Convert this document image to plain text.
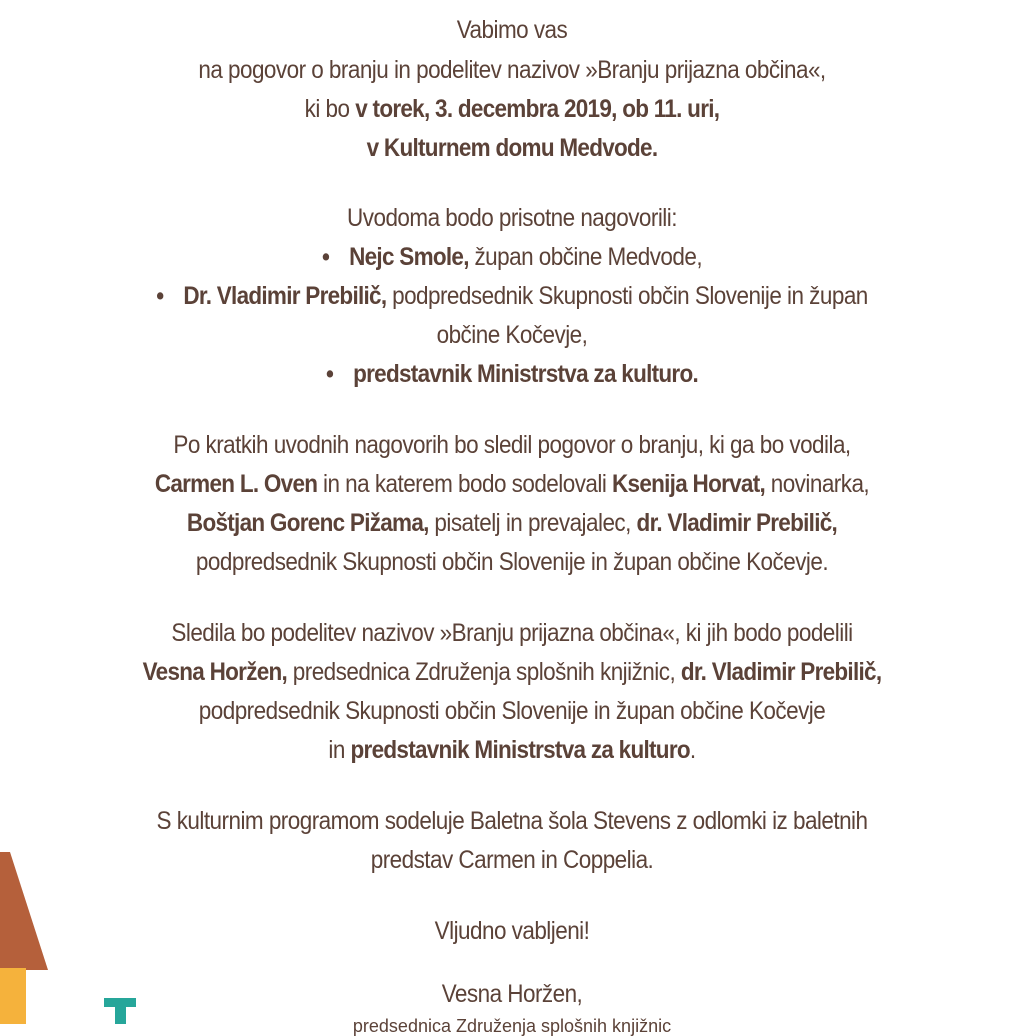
Vabimo vas
na pogovor o branju in podelitev nazivov »Branju prijazna občina«,
ki bo v torek, 3. decembra 2019, ob 11. uri,
v Kulturnem domu Medvode.
Uvodoma bodo prisotne nagovorili:
• Nejc Smole, župan občine Medvode,
• Dr. Vladimir Prebilič, podpredsednik Skupnosti občin Slovenije in župan
občine Kočevje,
• predstavnik Ministrstva za kulturo.
Po kratkih uvodnih nagovorih bo sledil pogovor o branju, ki ga bo vodila,
Carmen L. Oven in na katerem bodo sodelovali Ksenija Horvat, novinarka,
Boštjan Gorenc Pižama, pisatelj in prevajalec, dr. Vladimir Prebilič,
podpredsednik Skupnosti občin Slovenije in župan občine Kočevje.
Sledila bo podelitev nazivov »Branju prijazna občina«, ki jih bodo podelili
Vesna Horžen, predsednica Združenja splošnih knjižnic, dr. Vladimir Prebilič,
podpredsednik Skupnosti občin Slovenije in župan občine Kočevje
in predstavnik Ministrstva za kulturo.
S kulturnim programom sodeluje Baletna šola Stevens z odlomki iz baletnih
predstav Carmen in Coppelia.
Vljudno vabljeni!
Vesna Horžen,
predsednica Združenja splošnih knjižnic
